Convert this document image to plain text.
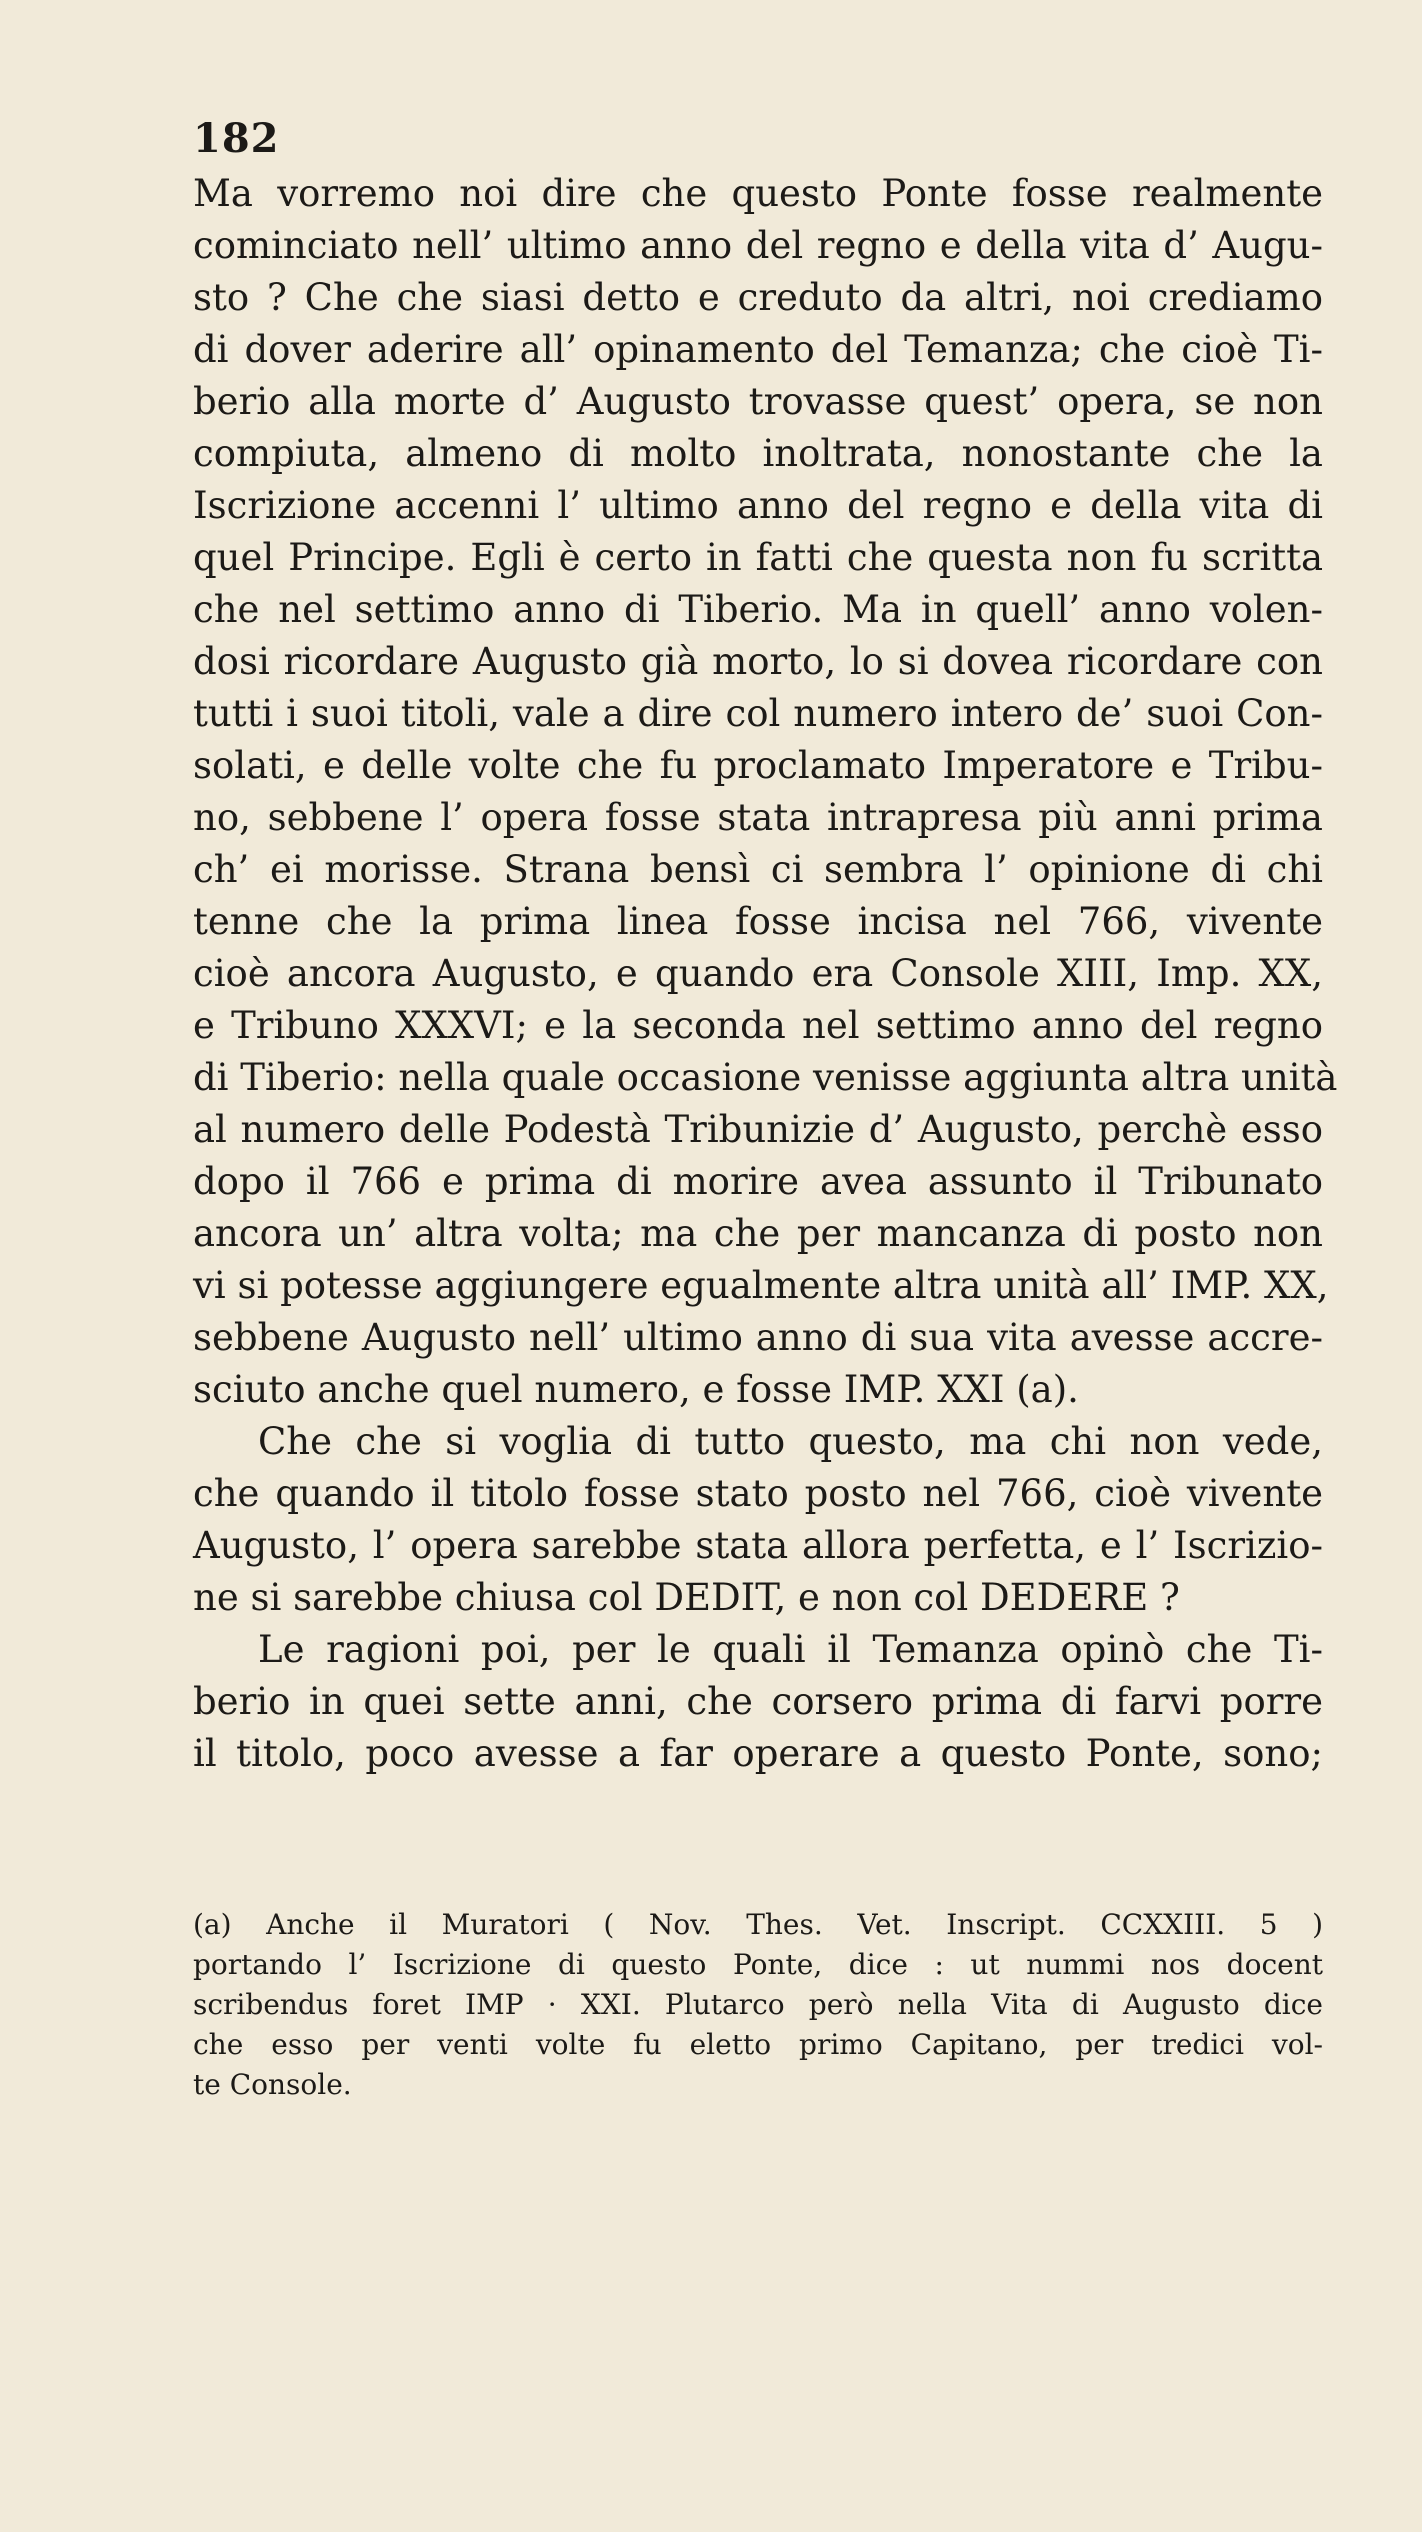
182
Ma vorremo noi dire che questo Ponte fosse realmente
cominciato nell’ ultimo anno del regno e della vita d’ Augu-
sto ? Che che siasi detto e creduto da altri, noi crediamo
di dover aderire all’ opinamento del Temanza; che cioè Ti-
berio alla morte d’ Augusto trovasse quest’ opera, se non
compiuta, almeno di molto inoltrata, nonostante che la
Iscrizione accenni l’ ultimo anno del regno e della vita di
quel Principe. Egli è certo in fatti che questa non fu scritta
che nel settimo anno di Tiberio. Ma in quell’ anno volen-
dosi ricordare Augusto già morto, lo si dovea ricordare con
tutti i suoi titoli, vale a dire col numero intero de’ suoi Con-
solati, e delle volte che fu proclamato Imperatore e Tribu-
no, sebbene l’ opera fosse stata intrapresa più anni prima
ch’ ei morisse. Strana bensì ci sembra l’ opinione di chi
tenne che la prima linea fosse incisa nel 766, vivente
cioè ancora Augusto, e quando era Console XIII, Imp. XX,
e Tribuno XXXVI; e la seconda nel settimo anno del regno
di Tiberio: nella quale occasione venisse aggiunta altra unità
al numero delle Podestà Tribunizie d’ Augusto, perchè esso
dopo il 766 e prima di morire avea assunto il Tribunato
ancora un’ altra volta; ma che per mancanza di posto non
vi si potesse aggiungere egualmente altra unità all’ IMP. XX,
sebbene Augusto nell’ ultimo anno di sua vita avesse accre-
sciuto anche quel numero, e fosse IMP. XXI (a).
Che che si voglia di tutto questo, ma chi non vede,
che quando il titolo fosse stato posto nel 766, cioè vivente
Augusto, l’ opera sarebbe stata allora perfetta, e l’ Iscrizio-
ne si sarebbe chiusa col DEDIT, e non col DEDERE ?
Le ragioni poi, per le quali il Temanza opinò che Ti-
berio in quei sette anni, che corsero prima di farvi porre
il titolo, poco avesse a far operare a questo Ponte, sono;
(a) Anche il Muratori ( Nov. Thes. Vet. Inscript. CCXXIII. 5 )
portando l’ Iscrizione di questo Ponte, dice : ut nummi nos docent
scribendus foret IMP · XXI. Plutarco però nella Vita di Augusto dice
che esso per venti volte fu eletto primo Capitano, per tredici vol-
te Console.
